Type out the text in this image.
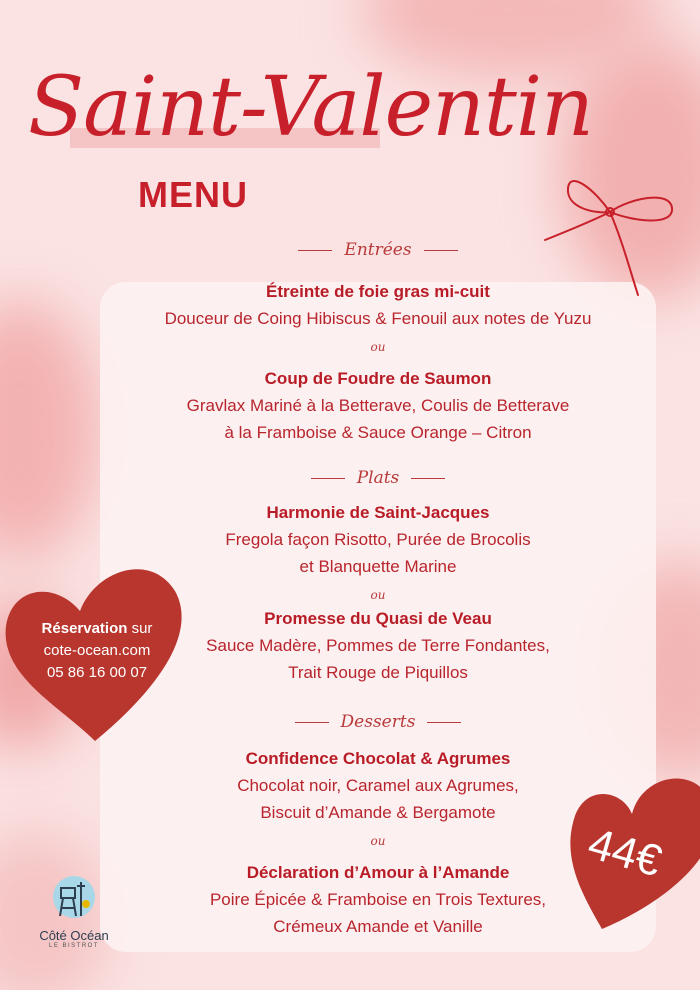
Saint-Valentin
MENU
Entrées
Étreinte de foie gras mi-cuit
Douceur de Coing Hibiscus & Fenouil aux notes de Yuzu
ou
Coup de Foudre de Saumon
Gravlax Mariné à la Betterave, Coulis de Betterave
à la Framboise & Sauce Orange – Citron
Plats
Harmonie de Saint-Jacques
Fregola façon Risotto, Purée de Brocolis
et Blanquette Marine
ou
Promesse du Quasi de Veau
Sauce Madère, Pommes de Terre Fondantes,
Trait Rouge de Piquillos
Desserts
Confidence Chocolat & Agrumes
Chocolat noir, Caramel aux Agrumes,
Biscuit d’Amande & Bergamote
ou
Déclaration d’Amour à l’Amande
Poire Épicée & Framboise en Trois Textures,
Crémeux Amande et Vanille
Réservation sur
cote-ocean.com
05 86 16 00 07
44€
Côté Océan
LE BISTROT
